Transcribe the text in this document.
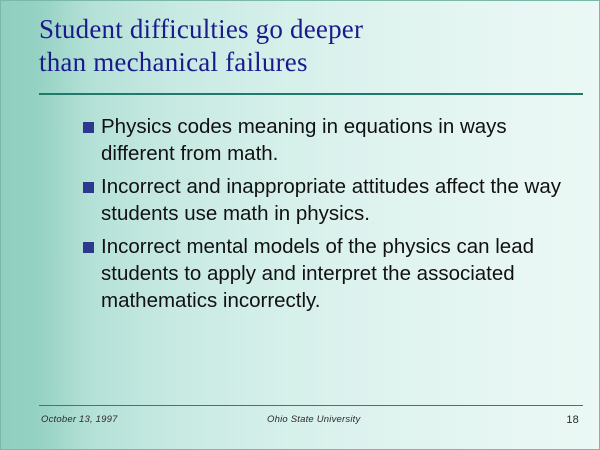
Student difficulties go deeper
than mechanical failures
Physics codes meaning in equations in ways different from math.
Incorrect and inappropriate attitudes affect the way students use math in physics.
Incorrect mental models of the physics can lead students to apply and interpret the associated mathematics incorrectly.
October 13, 1997	Ohio State University	18
